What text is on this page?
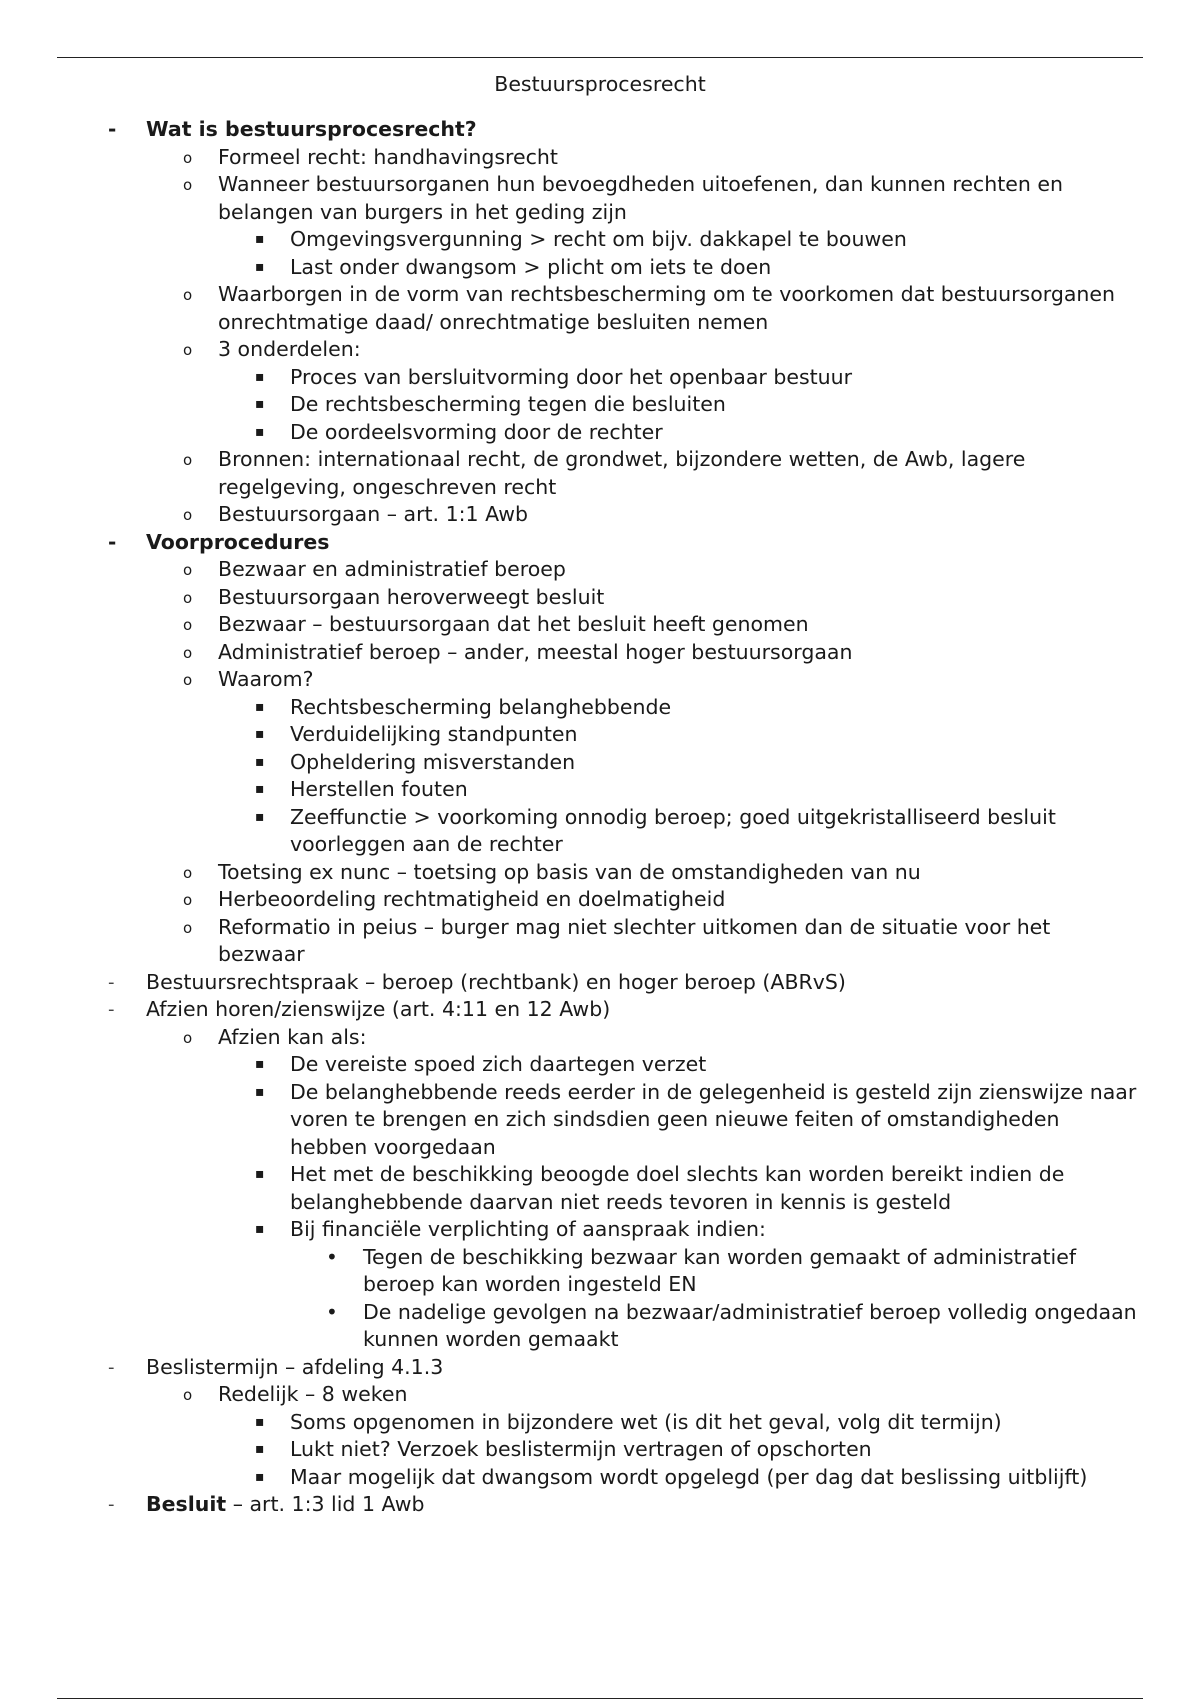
Bestuursprocesrecht
- Wat is bestuursprocesrecht?
o Formeel recht: handhavingsrecht
o Wanneer bestuursorganen hun bevoegdheden uitoefenen, dan kunnen rechten en belangen van burgers in het geding zijn
▪ Omgevingsvergunning > recht om bijv. dakkapel te bouwen
▪ Last onder dwangsom > plicht om iets te doen
o Waarborgen in de vorm van rechtsbescherming om te voorkomen dat bestuursorganen onrechtmatige daad/ onrechtmatige besluiten nemen
o 3 onderdelen:
▪ Proces van bersluitvorming door het openbaar bestuur
▪ De rechtsbescherming tegen die besluiten
▪ De oordeelsvorming door de rechter
o Bronnen: internationaal recht, de grondwet, bijzondere wetten, de Awb, lagere regelgeving, ongeschreven recht
o Bestuursorgaan – art. 1:1 Awb
- Voorprocedures
o Bezwaar en administratief beroep
o Bestuursorgaan heroverweegt besluit
o Bezwaar – bestuursorgaan dat het besluit heeft genomen
o Administratief beroep – ander, meestal hoger bestuursorgaan
o Waarom?
▪ Rechtsbescherming belanghebbende
▪ Verduidelijking standpunten
▪ Opheldering misverstanden
▪ Herstellen fouten
▪ Zeeffunctie > voorkoming onnodig beroep; goed uitgekristalliseerd besluit voorleggen aan de rechter
o Toetsing ex nunc – toetsing op basis van de omstandigheden van nu
o Herbeoordeling rechtmatigheid en doelmatigheid
o Reformatio in peius – burger mag niet slechter uitkomen dan de situatie voor het bezwaar
- Bestuursrechtspraak – beroep (rechtbank) en hoger beroep (ABRvS)
- Afzien horen/zienswijze (art. 4:11 en 12 Awb)
o Afzien kan als:
▪ De vereiste spoed zich daartegen verzet
▪ De belanghebbende reeds eerder in de gelegenheid is gesteld zijn zienswijze naar voren te brengen en zich sindsdien geen nieuwe feiten of omstandigheden hebben voorgedaan
▪ Het met de beschikking beoogde doel slechts kan worden bereikt indien de belanghebbende daarvan niet reeds tevoren in kennis is gesteld
▪ Bij financiële verplichting of aanspraak indien:
• Tegen de beschikking bezwaar kan worden gemaakt of administratief beroep kan worden ingesteld EN
• De nadelige gevolgen na bezwaar/administratief beroep volledig ongedaan kunnen worden gemaakt
- Beslistermijn – afdeling 4.1.3
o Redelijk – 8 weken
▪ Soms opgenomen in bijzondere wet (is dit het geval, volg dit termijn)
▪ Lukt niet? Verzoek beslistermijn vertragen of opschorten
▪ Maar mogelijk dat dwangsom wordt opgelegd (per dag dat beslissing uitblijft)
- Besluit – art. 1:3 lid 1 Awb
